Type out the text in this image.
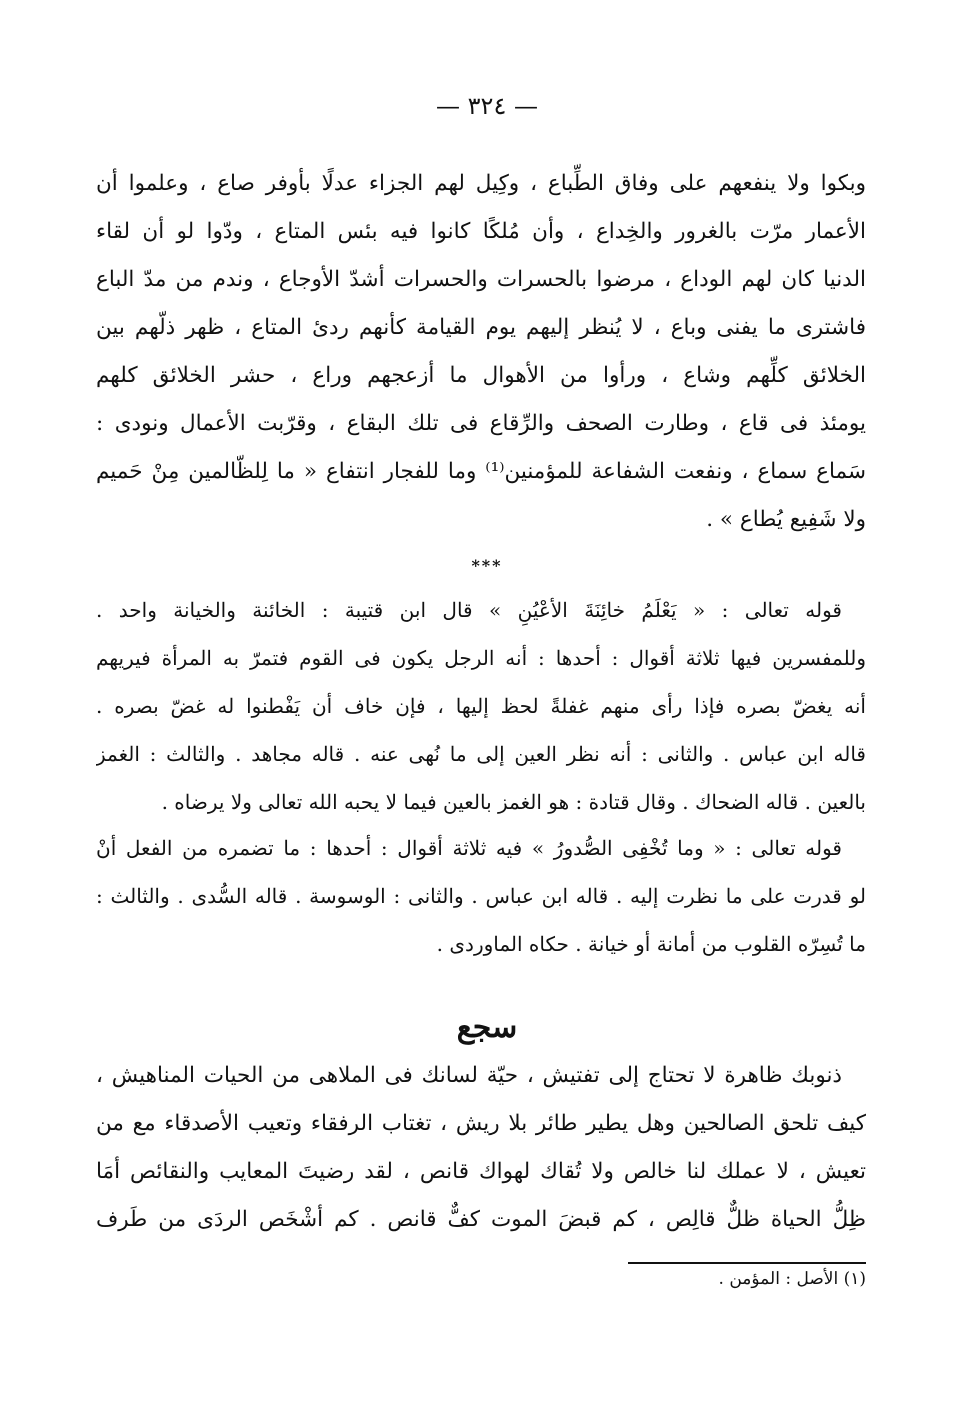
— ٣٢٤ —
وبكوا ولا ينفعهم على وفاق الطِّباع ، وكِيل لهم الجزاء عدلًا بأوفر صاع ، وعلموا أن
الأعمار مرّت بالغرور والخِداع ، وأن مُلكًا كانوا فيه بئس المتاع ، ودّوا لو أن لقاء
الدنيا كان لهم الوداع ، مرضوا بالحسرات والحسرات أشدّ الأوجاع ، وندم من مدّ الباع
فاشترى ما يفنى وباع ، لا يُنظر إليهم يوم القيامة كأنهم ردئ المتاع ، ظهر ذلّهم بين
الخلائق كلِّهم وشاع ، ورأوا من الأهوال ما أزعجهم وراع ، حشر الخلائق كلهم
يومئذ فى قاع ، وطارت الصحف والرِّقاع فى تلك البقاع ، وقرّبت الأعمال ونودى :
سَماع سماع ، ونفعت الشفاعة للمؤمنين⁽¹⁾ وما للفجار انتفاع « ما لِلظّالمين مِنْ حَميم
ولا شَفِيع يُطاع » .
***
قوله تعالى : « يَعْلَمُ خائِنَةَ الأعْيُنِ » قال ابن قتيبة : الخائنة والخيانة واحد .
وللمفسرين فيها ثلاثة أقوال : أحدها : أنه الرجل يكون فى القوم فتمرّ به المرأة فيريهم
أنه يغضّ بصره فإذا رأى منهم غفلةً لحظ إليها ، فإن خاف أن يَفْطنوا له غضّ بصره .
قاله ابن عباس . والثانى : أنه نظر العين إلى ما نُهى عنه . قاله مجاهد . والثالث : الغمز
بالعين . قاله الضحاك . وقال قتادة : هو الغمز بالعين فيما لا يحبه الله تعالى ولا يرضاه .
قوله تعالى : « وما تُخْفِى الصُّدورُ » فيه ثلاثة أقوال : أحدها : ما تضمره من الفعل أنْ
لو قدرت على ما نظرت إليه . قاله ابن عباس . والثانى : الوسوسة . قاله السُّدى . والثالث :
ما تُسِرّه القلوب من أمانة أو خيانة . حكاه الماوردى .
سجع
ذنوبك ظاهرة لا تحتاج إلى تفتيش ، حيّة لسانك فى الملاهى من الحيات المناهيش ،
كيف تلحق الصالحين وهل يطير طائر بلا ريش ، تغتاب الرفقاء وتعيب الأصدقاء مع من
تعيش ، لا عملك لنا خالص ولا تُقاك لهواك قانص ، لقد رضيتَ المعايب والنقائص أمَا
ظِلُّ الحياة ظلٌّ قالِص ، كم قبضَ الموت كفٌّ قانص . كم أشْخَص الردَى من طَرف
(١) الأصل : المؤمن .
